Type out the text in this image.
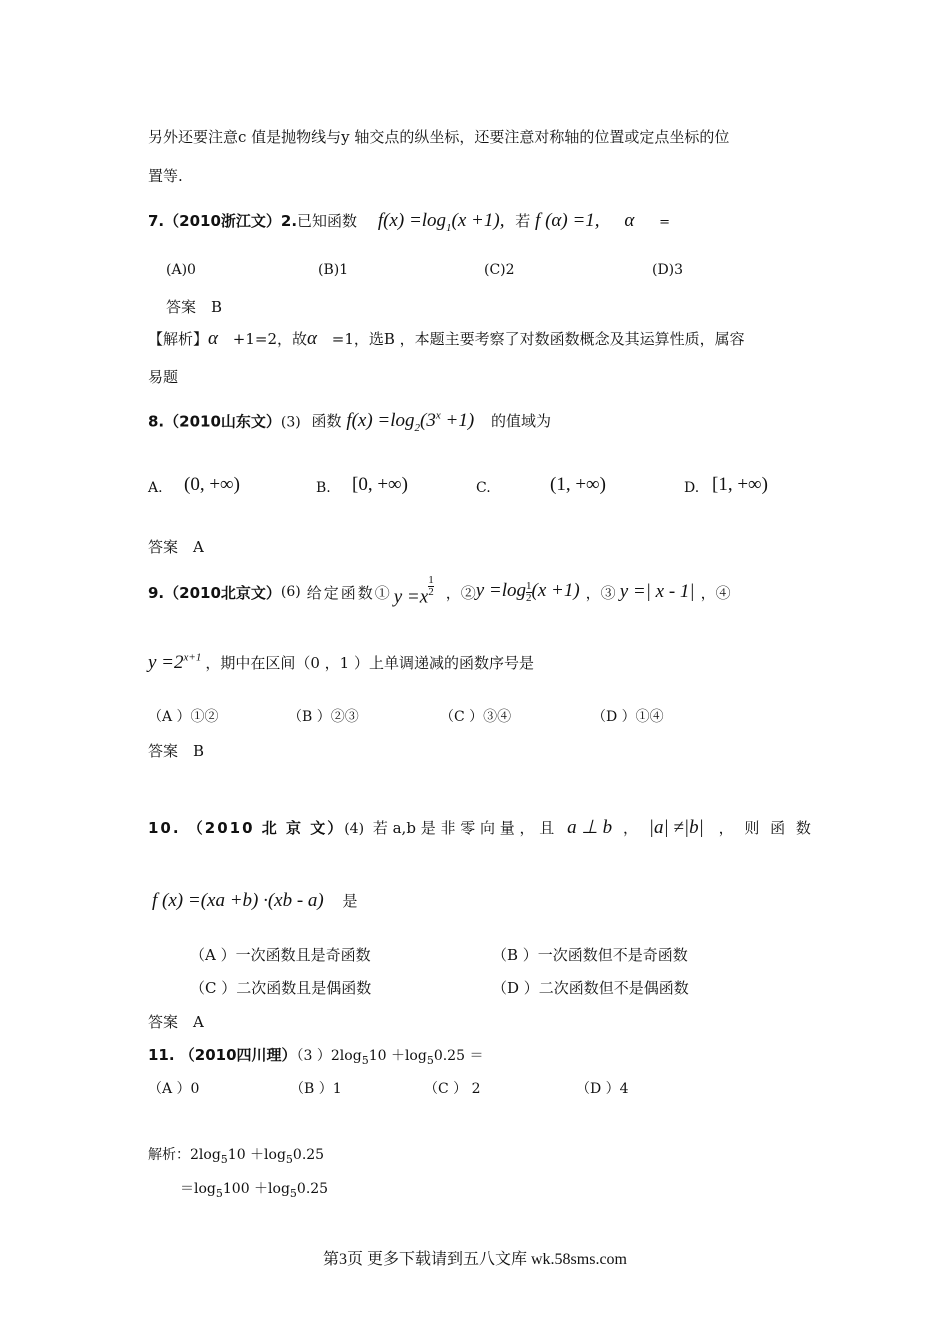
另外还要注意c 值是抛物线与y 轴交点的纵坐标，还要注意对称轴的位置或定点坐标的位
置等.
7.（2010浙江文）2.已知函数 $f(x) =\log_1(x +1)$, 若 f (α) =1, α =
(A)0	(B)1	(C)2	(D)3
答案　B
【解析】α +1=2，故α =1，选B ，本题主要考察了对数函数概念及其运算性质，属容
易题
8.（2010山东文）(3) 函数 $f(x) =\log_2(3^x +1)$ 的值域为
A. (0, +∞)	B. [0, +∞)	C.	(1, +∞)	D. [1, +∞)
答案　A
9.（2010北京文） (6) 给定函数① $y =x \frac{1}{2}$ ，② $y =\log \frac{1}{2} (x +1)$ ，③ y =| x - 1| ，④
$y =2^{x+1}$ ，期中在区间（0 ，1 ）上单调递减的函数序号是
（A ）①②	（B ）②③	（C ）③④	（D ）①④
答案　B
10. （2010 北 京 文）(4) 若 a,b 是 非 零 向 量 ， 且 a ⊥ b ， |a| ≠|b| ， 则 函 数
f (x) =(xa +b) ·(xb - a) 是
（A ）一次函数且是奇函数	（B ）一次函数但不是奇函数
（C ）二次函数且是偶函数	（D ）二次函数但不是偶函数
答案　A
11. （2010四川理）（3 ）$2\log_510 +\log_50.25$ ＝
（A ）0	（B ）1	（C ） 2	（D ）4
解析：$2\log_510 +\log_50.25$
$=\log_5100 +\log_50.25$
第3页 更多下载请到五八文库 wk.58sms.com
